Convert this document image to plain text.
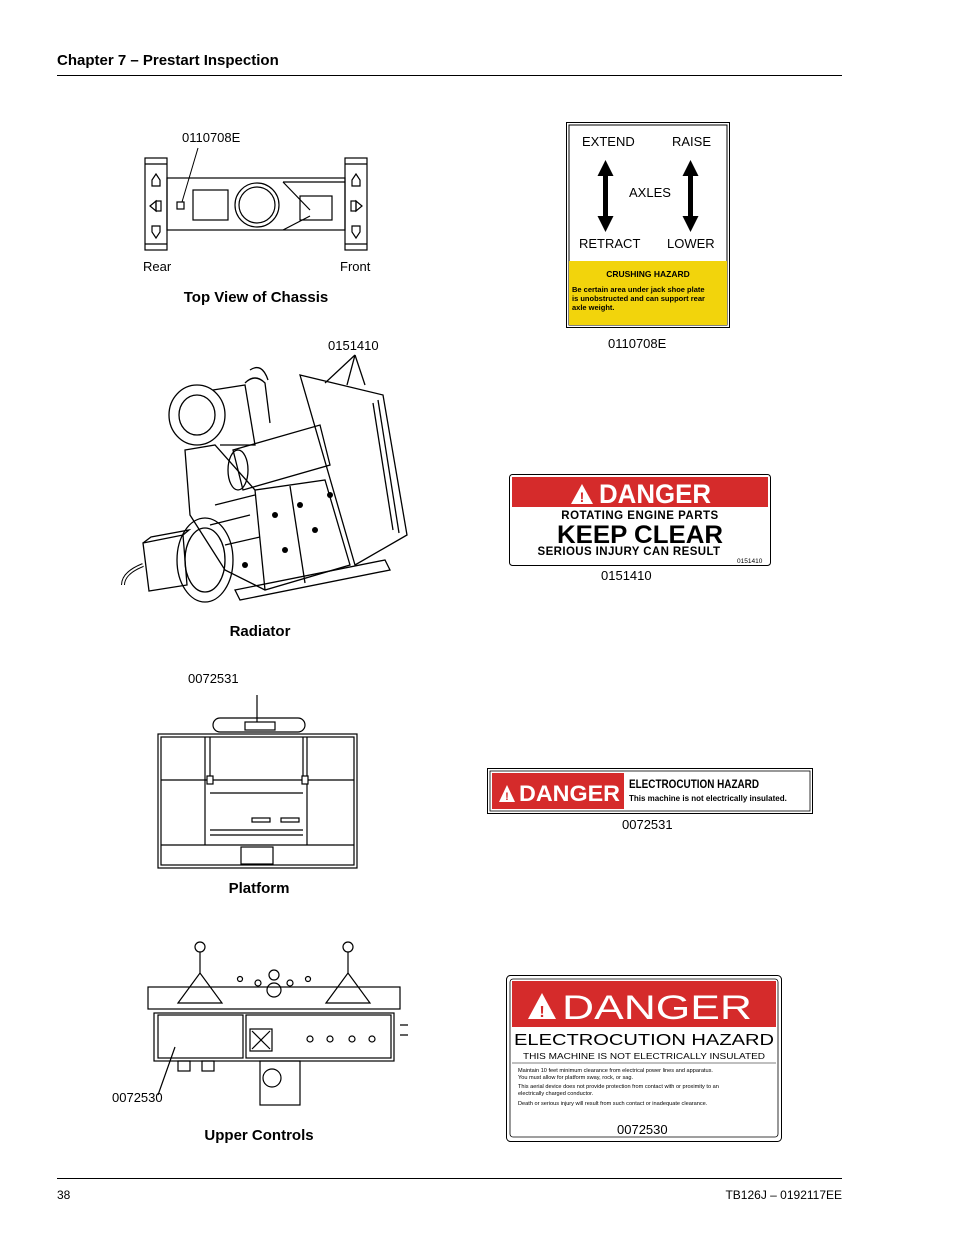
Chapter 7 – Prestart Inspection
0110708E
Rear	Front
Top View of Chassis
EXTEND	RAISE
AXLES
RETRACT LOWER
CRUSHING HAZARD
Be certain area under jack shoe plate
is unobstructed and can support rear
axle weight.
0110708E
0151410
Radiator
! DANGER
ROTATING ENGINE PARTS
KEEP CLEAR
SERIOUS INJURY CAN RESULT
0151410
0151410
0072531
Platform
! DANGER ELECTROCUTION HAZARD
This machine is not electrically insulated.
0072531
0072530
Upper Controls
! DANGER
ELECTROCUTION HAZARD
THIS MACHINE IS NOT ELECTRICALLY INSULATED
Maintain 10 feet minimum clearance from electrical power lines and apparatus.
You must allow for platform sway, rock, or sag.
This aerial device does not provide protection from contact with or proximity to an
electrically charged conductor.
Death or serious injury will result from such contact or inadequate clearance.
0072530
38	TB126J – 0192117EE
